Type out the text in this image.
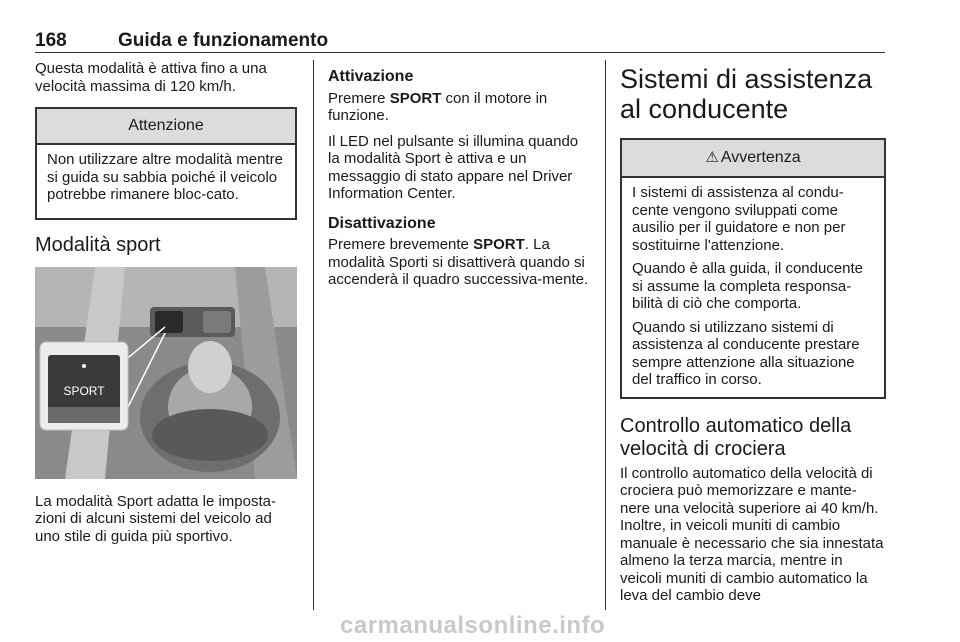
168	Guida e funzionamento

Questa modalità è attiva fino a una velocità massima di 120 km/h.

Attenzione

Non utilizzare altre modalità mentre si guida su sabbia poiché il veicolo potrebbe rimanere bloc-cato.

Modalità sport
SPORT

La modalità Sport adatta le imposta-zioni di alcuni sistemi del veicolo ad uno stile di guida più sportivo.

Attivazione

Premere SPORT con il motore in funzione.

Il LED nel pulsante si illumina quando la modalità Sport è attiva e un messaggio di stato appare nel Driver Information Center.

Disattivazione

Premere brevemente SPORT. La modalità Sporti si disattiverà quando si accenderà il quadro successiva-mente.

Sistemi di assistenza al conducente
⚠ Avvertenza

I sistemi di assistenza al condu-cente vengono sviluppati come ausilio per il guidatore e non per sostituirne l'attenzione.

Quando è alla guida, il conducente si assume la completa responsa-bilità di ciò che comporta.

Quando si utilizzano sistemi di assistenza al conducente prestare sempre attenzione alla situazione del traffico in corso.

Controllo automatico della velocità di crociera

Il controllo automatico della velocità di crociera può memorizzare e mante-nere una velocità superiore ai 40 km/h. Inoltre, in veicoli muniti di cambio manuale è necessario che sia innestata almeno la terza marcia, mentre in veicoli muniti di cambio automatico la leva del cambio deve

carmanualsonline.info
